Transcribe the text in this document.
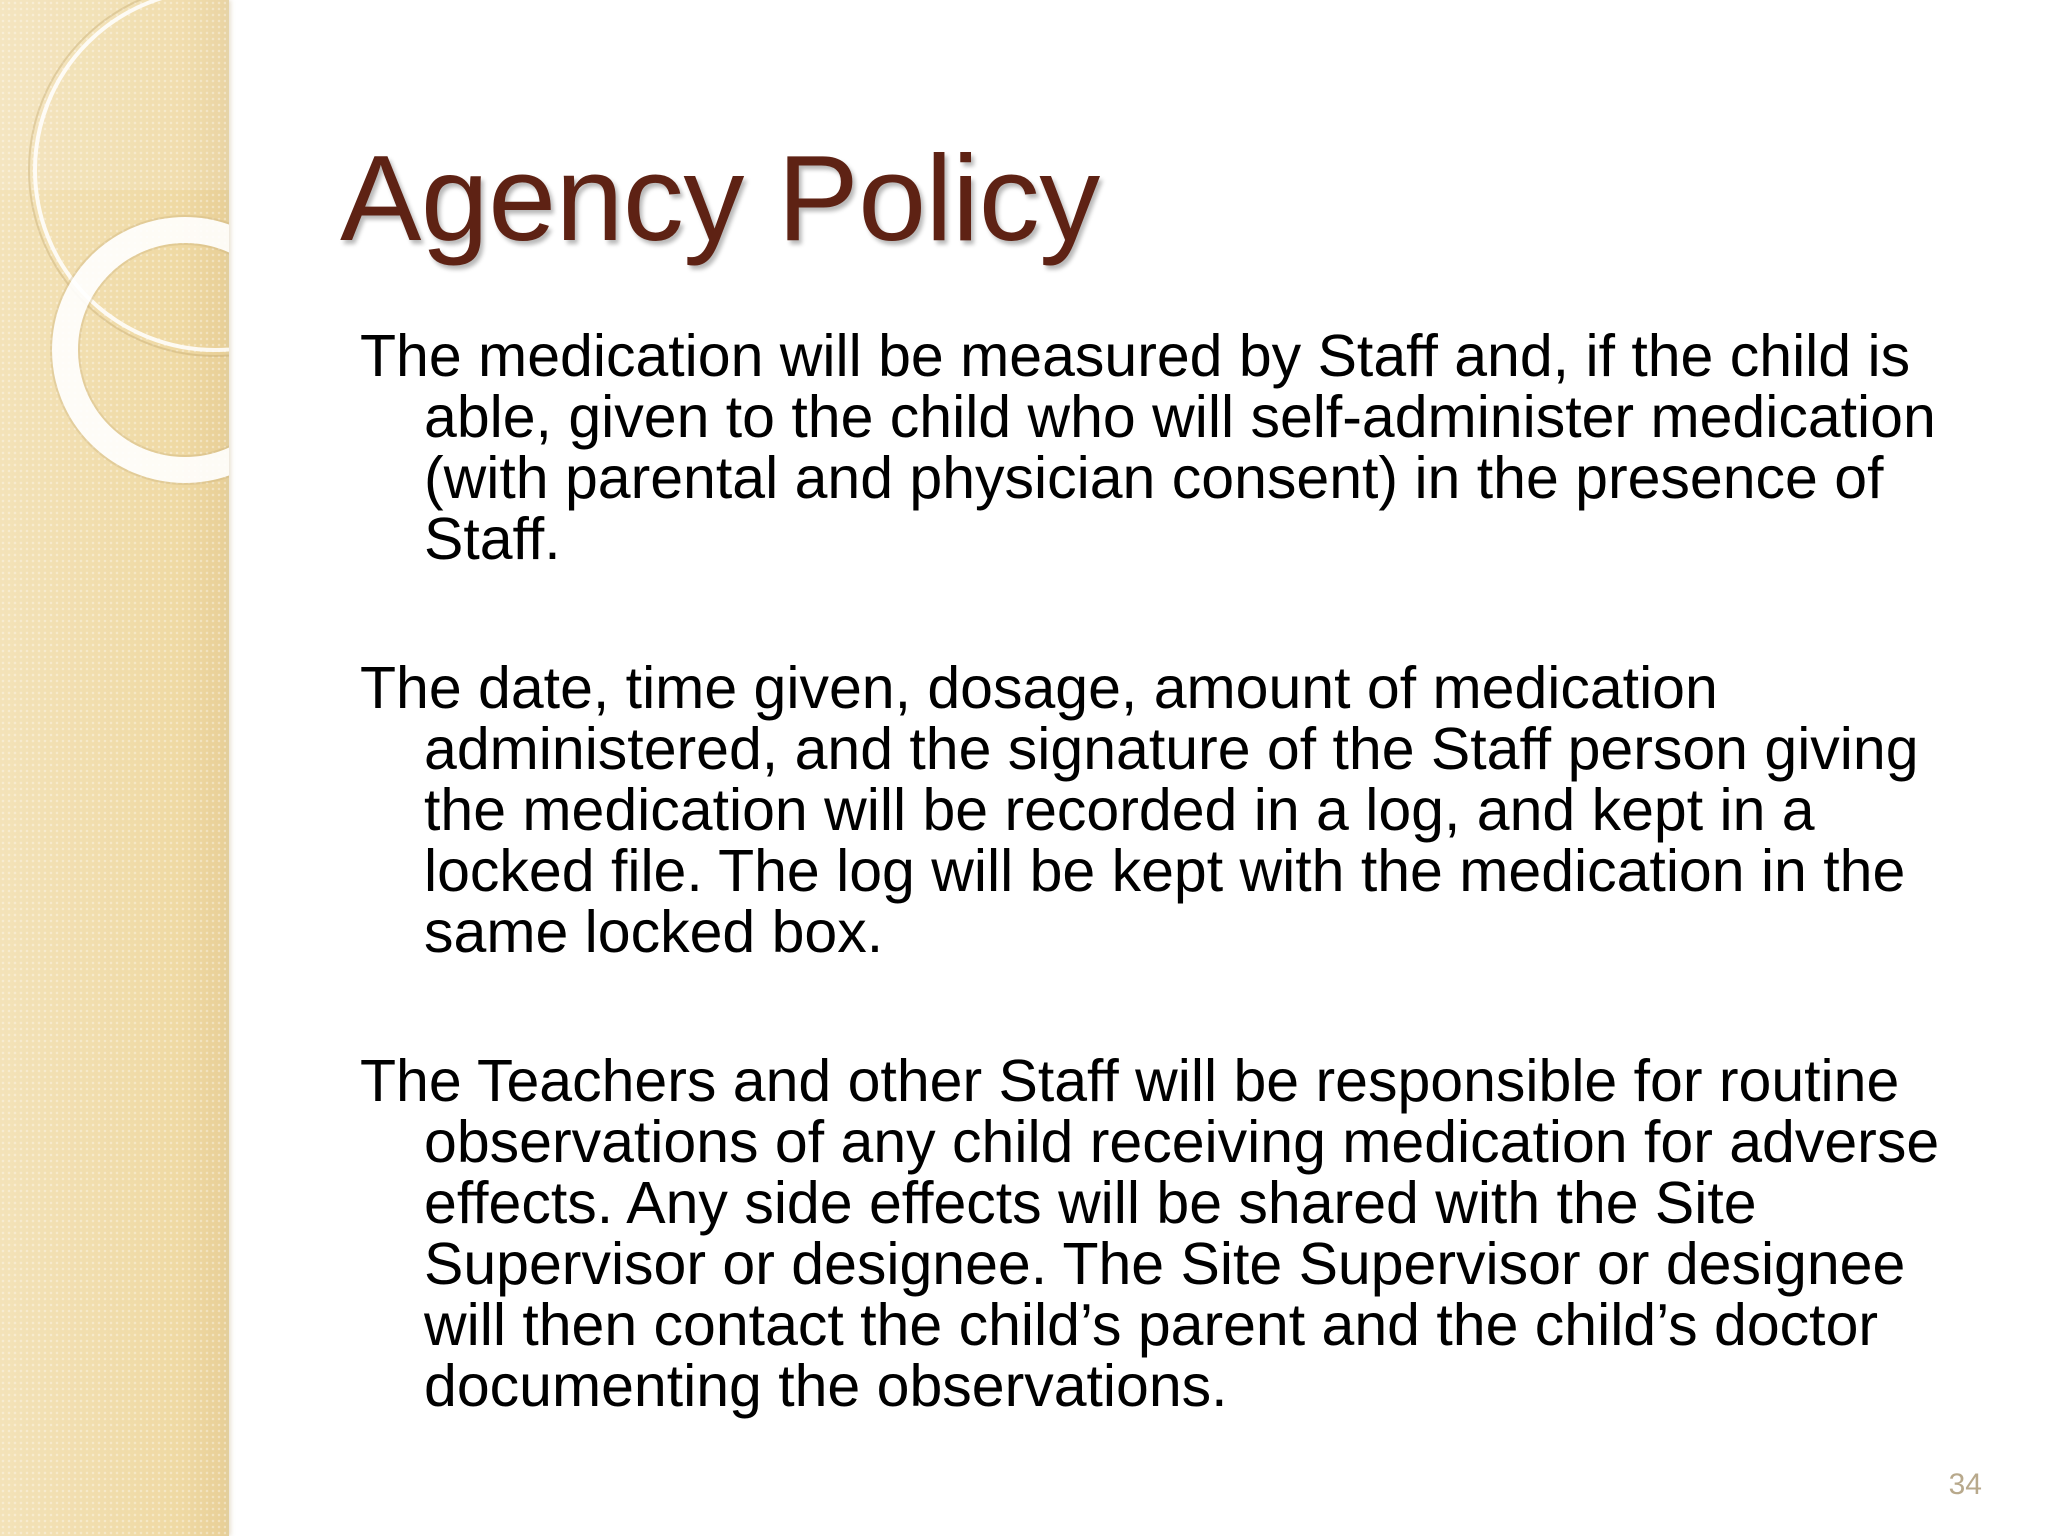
Agency Policy

The medication will be measured by Staff and, if the child is able, given to the child who will self-administer medication (with parental and physician consent) in the presence of Staff.

The date, time given, dosage, amount of medication administered, and the signature of the Staff person giving the medication will be recorded in a log, and kept in a locked file. The log will be kept with the medication in the same locked box.

The Teachers and other Staff will be responsible for routine observations of any child receiving medication for adverse effects. Any side effects will be shared with the Site Supervisor or designee. The Site Supervisor or designee will then contact the child’s parent and the child’s doctor documenting the observations.

34
